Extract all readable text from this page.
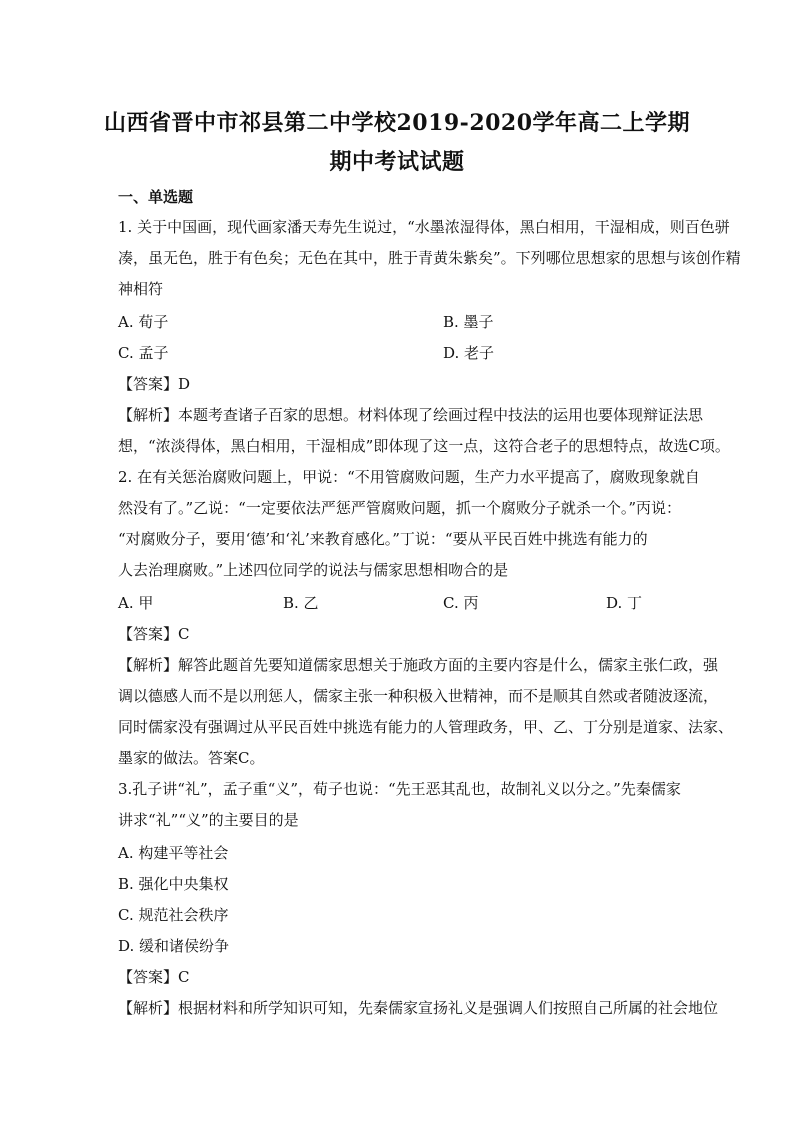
山西省晋中市祁县第二中学校2019-2020学年高二上学期
期中考试试题
一、单选题
1. 关于中国画，现代画家潘天寿先生说过，“水墨浓湿得体，黑白相用，干湿相成，则百色骈
凑，虽无色，胜于有色矣；无色在其中，胜于青黄朱紫矣”。下列哪位思想家的思想与该创作精
神相符
A. 荀子	B. 墨子
C. 孟子	D. 老子
【答案】D
【解析】本题考查诸子百家的思想。材料体现了绘画过程中技法的运用也要体现辩证法思
想，“浓淡得体，黑白相用，干湿相成”即体现了这一点，这符合老子的思想特点，故选C项。
2. 在有关惩治腐败问题上，甲说：“不用管腐败问题，生产力水平提高了，腐败现象就自
然没有了。”乙说：“一定要依法严惩严管腐败问题，抓一个腐败分子就杀一个。”丙说：
“对腐败分子，要用‘德’和‘礼’来教育感化。”丁说：“要从平民百姓中挑选有能力的
人去治理腐败。”上述四位同学的说法与儒家思想相吻合的是
A. 甲	B. 乙	C. 丙	D. 丁
【答案】C
【解析】解答此题首先要知道儒家思想关于施政方面的主要内容是什么，儒家主张仁政，强
调以德感人而不是以刑惩人，儒家主张一种积极入世精神，而不是顺其自然或者随波逐流，
同时儒家没有强调过从平民百姓中挑选有能力的人管理政务，甲、乙、丁分别是道家、法家、
墨家的做法。答案C。
3.孔子讲“礼”，孟子重“义”，荀子也说：“先王恶其乱也，故制礼义以分之。”先秦儒家
讲求“礼”“义”的主要目的是
A. 构建平等社会
B. 强化中央集权
C. 规范社会秩序
D. 缓和诸侯纷争
【答案】C
【解析】根据材料和所学知识可知，先秦儒家宣扬礼义是强调人们按照自己所属的社会地位
